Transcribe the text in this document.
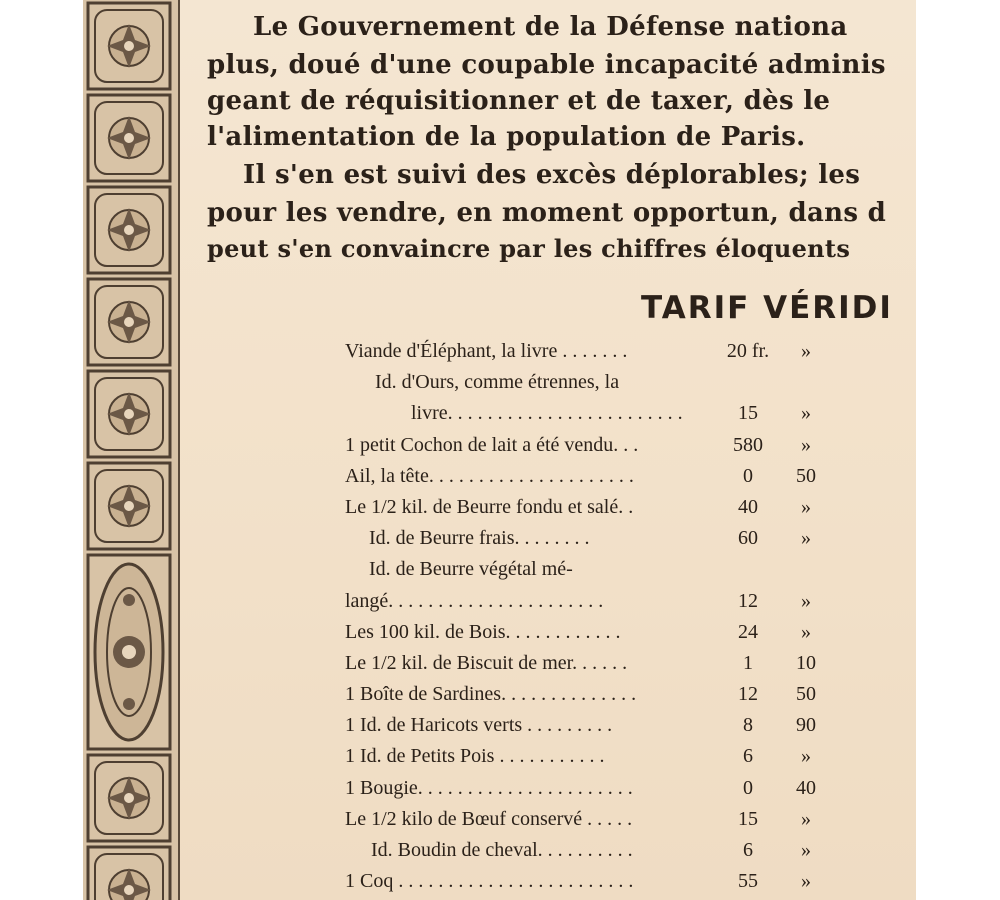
Le Gouvernement de la Défense nationa

plus, doué d'une coupable incapacité adminis

geant de réquisitionner et de taxer, dès le

l'alimentation de la population de Paris.

Il s'en est suivi des excès déplorables; les

pour les vendre, en moment opportun, dans d

peut s'en convaincre par les chiffres éloquents

TARIF VÉRIDI
Viande d'Éléphant, la livre . . . . . . .	20 fr.	»
Id. d'Ours, comme étrennes, la
livre. . . . . . . . . . . . . . . . . . . . . . . .	15	»
1 petit Cochon de lait a été vendu. . .	580	»
Ail, la tête. . . . . . . . . . . . . . . . . . . . .	0	50
Le 1/2 kil. de Beurre fondu et salé. .	40	»
Id. de Beurre frais. . . . . . . .	60	»
Id. de Beurre végétal mé-
langé. . . . . . . . . . . . . . . . . . . . . .	12	»
Les 100 kil. de Bois. . . . . . . . . . . .	24	»
Le 1/2 kil. de Biscuit de mer. . . . . .	1	10
1 Boîte de Sardines. . . . . . . . . . . . . .	12	50
1 Id. de Haricots verts . . . . . . . . .	8	90
1 Id. de Petits Pois . . . . . . . . . . .	6	»
1 Bougie. . . . . . . . . . . . . . . . . . . . . .	0	40
Le 1/2 kilo de Bœuf conservé . . . . .	15	»
Id. Boudin de cheval. . . . . . . . . .	6	»
1 Coq . . . . . . . . . . . . . . . . . . . . . . . .	55	»
